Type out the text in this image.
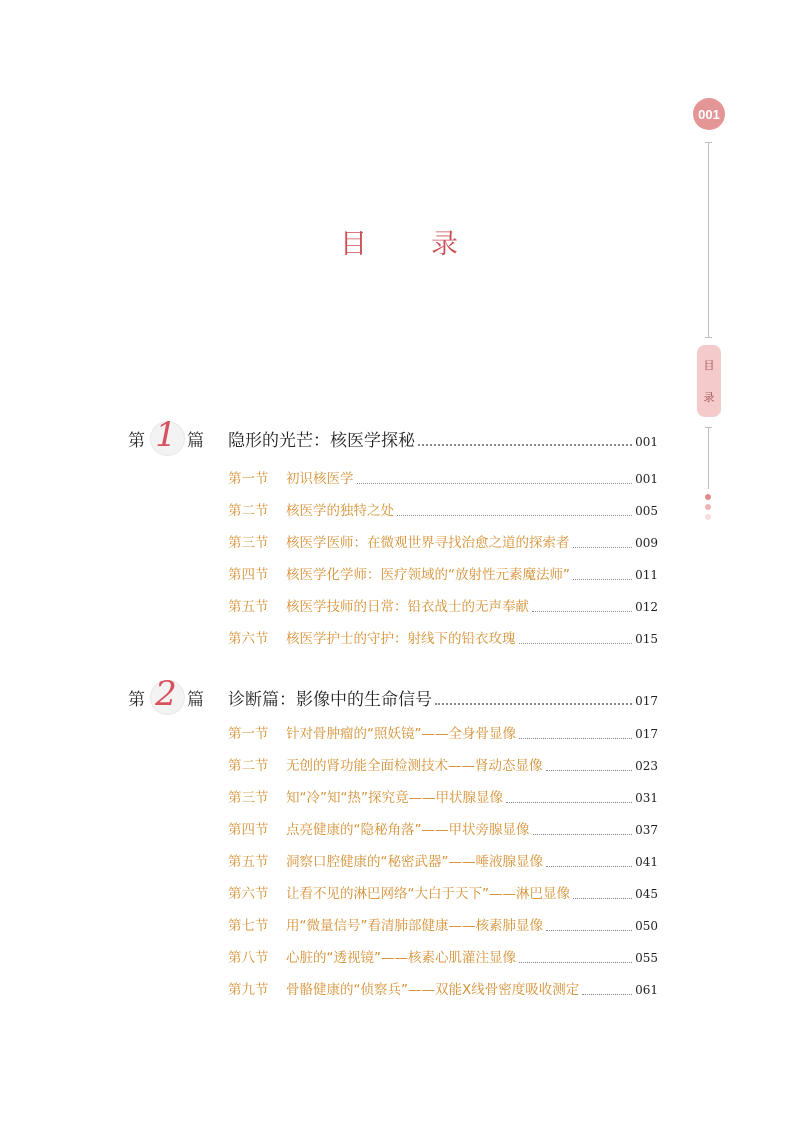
001
目
录
目 录
第 1 篇 隐形的光芒：核医学探秘	001
第一节	初识核医学	001
第二节	核医学的独特之处	005
第三节	核医学医师：在微观世界寻找治愈之道的探索者	009
第四节	核医学化学师：医疗领域的“放射性元素魔法师”	011
第五节	核医学技师的日常：铅衣战士的无声奉献	012
第六节	核医学护士的守护：射线下的铅衣玫瑰	015
第 2 篇 诊断篇：影像中的生命信号	017
第一节	针对骨肿瘤的“照妖镜”——全身骨显像	017
第二节	无创的肾功能全面检测技术——肾动态显像	023
第三节	知“冷”知“热”探究竟——甲状腺显像	031
第四节	点亮健康的“隐秘角落”——甲状旁腺显像	037
第五节	洞察口腔健康的“秘密武器”——唾液腺显像	041
第六节	让看不见的淋巴网络“大白于天下”——淋巴显像	045
第七节	用“微量信号”看清肺部健康——核素肺显像	050
第八节	心脏的“透视镜”——核素心肌灌注显像	055
第九节	骨骼健康的“侦察兵”——双能X线骨密度吸收测定	061
